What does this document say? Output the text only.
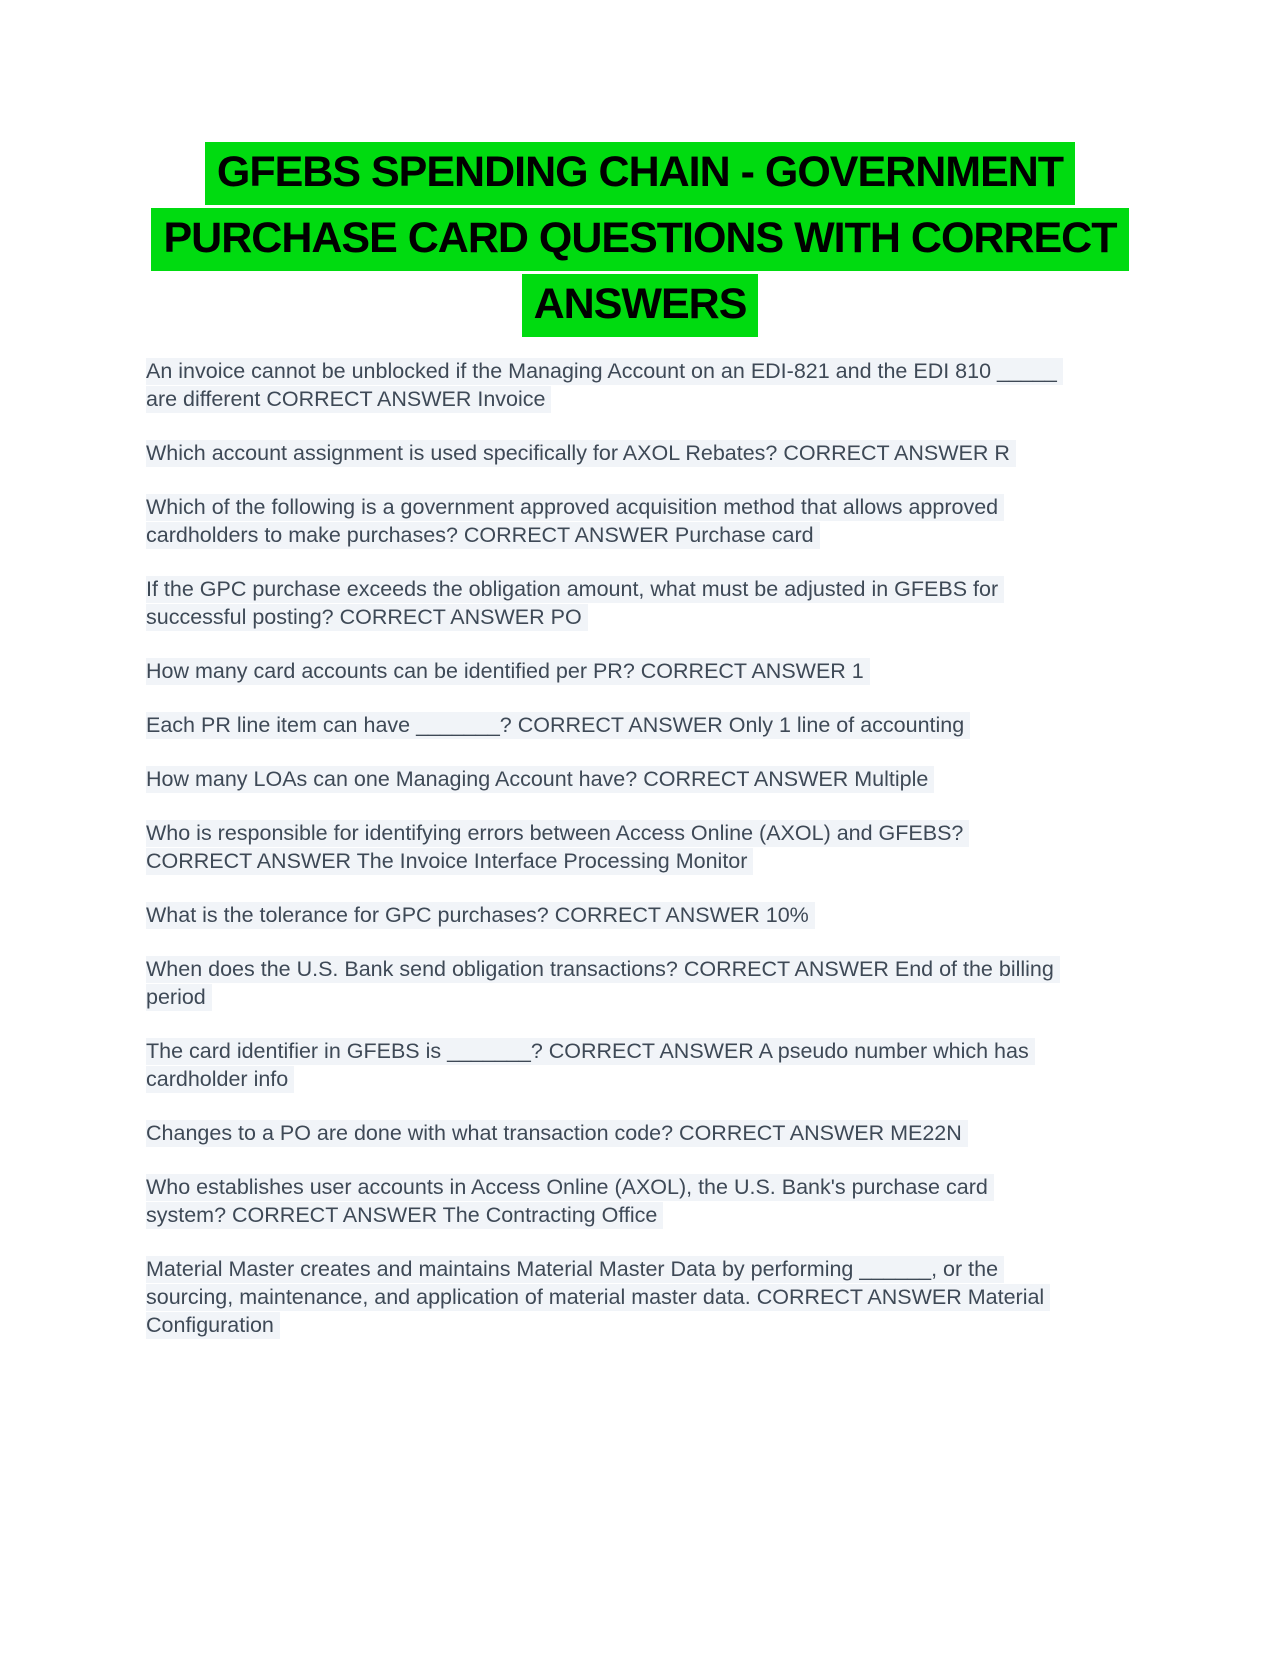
GFEBS SPENDING CHAIN - GOVERNMENT
PURCHASE CARD QUESTIONS WITH CORRECT
ANSWERS

An invoice cannot be unblocked if the Managing Account on an EDI-821 and the EDI 810 _____ are different CORRECT ANSWER Invoice

Which account assignment is used specifically for AXOL Rebates? CORRECT ANSWER R

Which of the following is a government approved acquisition method that allows approved cardholders to make purchases? CORRECT ANSWER Purchase card

If the GPC purchase exceeds the obligation amount, what must be adjusted in GFEBS for successful posting? CORRECT ANSWER PO

How many card accounts can be identified per PR? CORRECT ANSWER 1

Each PR line item can have _______? CORRECT ANSWER Only 1 line of accounting

How many LOAs can one Managing Account have? CORRECT ANSWER Multiple

Who is responsible for identifying errors between Access Online (AXOL) and GFEBS? CORRECT ANSWER The Invoice Interface Processing Monitor

What is the tolerance for GPC purchases? CORRECT ANSWER 10%

When does the U.S. Bank send obligation transactions? CORRECT ANSWER End of the billing period

The card identifier in GFEBS is _______? CORRECT ANSWER A pseudo number which has cardholder info

Changes to a PO are done with what transaction code? CORRECT ANSWER ME22N

Who establishes user accounts in Access Online (AXOL), the U.S. Bank's purchase card system? CORRECT ANSWER The Contracting Office

Material Master creates and maintains Material Master Data by performing ______, or the sourcing, maintenance, and application of material master data. CORRECT ANSWER Material Configuration
